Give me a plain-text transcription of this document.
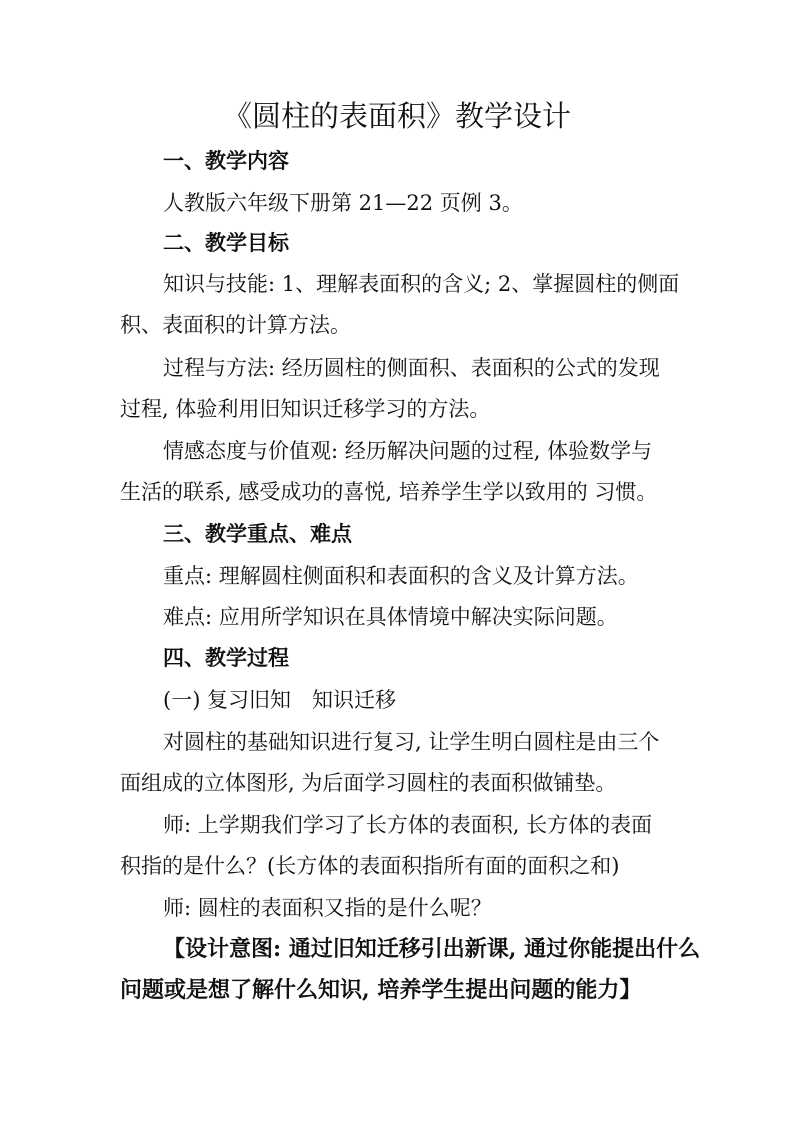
《圆柱的表面积》教学设计
一、教学内容
人教版六年级下册第 21—22 页例 3。
二、教学目标
知识与技能: 1、理解表面积的含义; 2、掌握圆柱的侧面
积、表面积的计算方法。
过程与方法: 经历圆柱的侧面积、表面积的公式的发现
过程, 体验利用旧知识迁移学习的方法。
情感态度与价值观: 经历解决问题的过程, 体验数学与
生活的联系, 感受成功的喜悦, 培养学生学以致用的 习惯。
三、教学重点、难点
重点: 理解圆柱侧面积和表面积的含义及计算方法。
难点: 应用所学知识在具体情境中解决实际问题。
四、教学过程
(一) 复习旧知　知识迁移
对圆柱的基础知识进行复习, 让学生明白圆柱是由三个
面组成的立体图形, 为后面学习圆柱的表面积做铺垫。
师: 上学期我们学习了长方体的表面积, 长方体的表面
积指的是什么？(长方体的表面积指所有面的面积之和)
师: 圆柱的表面积又指的是什么呢？
【设计意图: 通过旧知迁移引出新课, 通过你能提出什么
问题或是想了解什么知识, 培养学生提出问题的能力】
